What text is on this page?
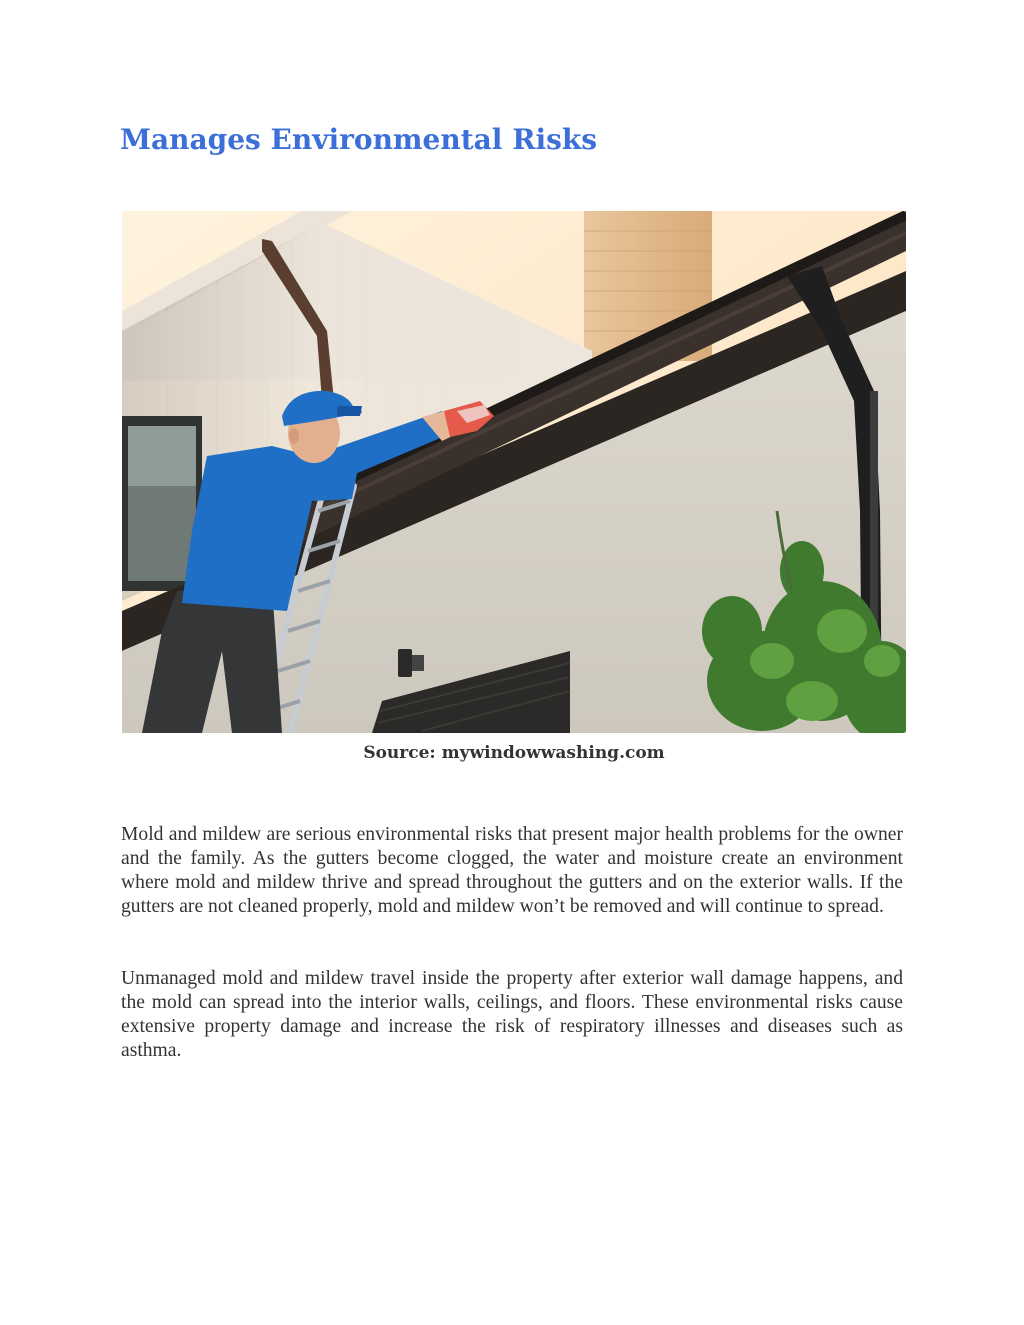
Manages Environmental Risks
Source: mywindowwashing.com

Mold and mildew are serious environmental risks that present major health problems for the owner and the family. As the gutters become clogged, the water and moisture create an environment where mold and mildew thrive and spread throughout the gutters and on the exterior walls. If the gutters are not cleaned properly, mold and mildew won’t be removed and will continue to spread.

Unmanaged mold and mildew travel inside the property after exterior wall damage happens, and the mold can spread into the interior walls, ceilings, and floors. These environmental risks cause extensive property damage and increase the risk of respiratory illnesses and diseases such as asthma.
